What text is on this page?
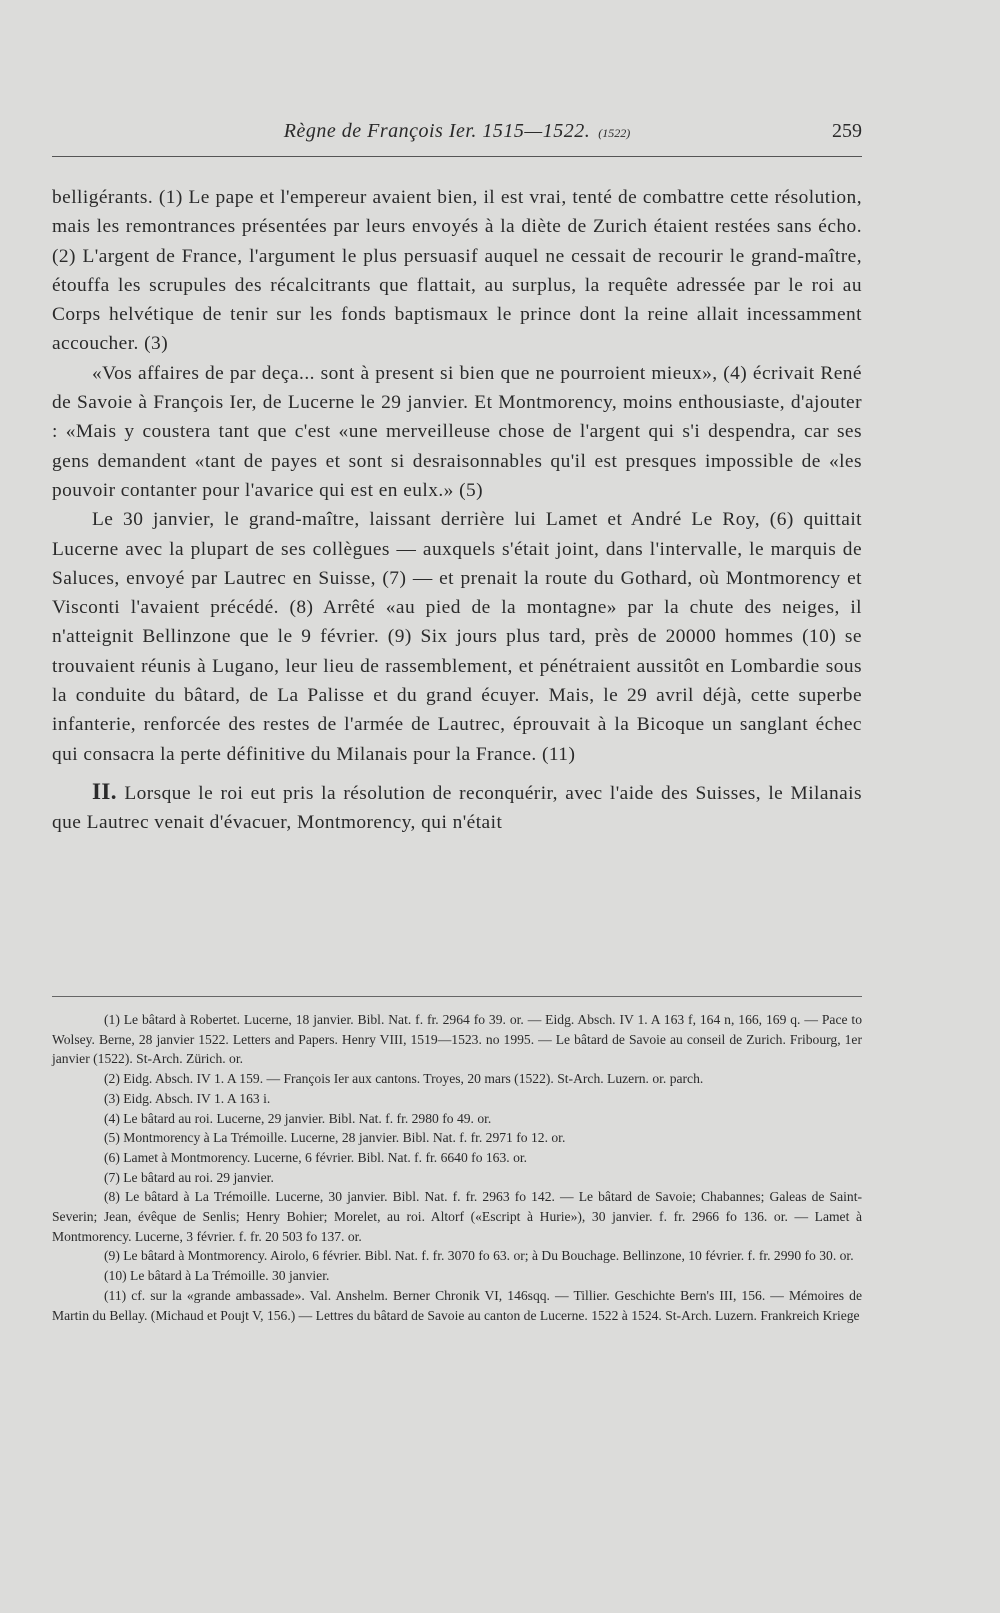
Règne de François Ier. 1515—1522. (1522)	259

belligérants. (1) Le pape et l'empereur avaient bien, il est vrai, tenté de combattre cette résolution, mais les remontrances présentées par leurs envoyés à la diète de Zurich étaient restées sans écho. (2) L'argent de France, l'argument le plus persuasif auquel ne cessait de recourir le grand-maître, étouffa les scrupules des récalcitrants que flattait, au surplus, la requête adressée par le roi au Corps helvétique de tenir sur les fonds baptismaux le prince dont la reine allait incessamment accoucher. (3)

«Vos affaires de par deça... sont à present si bien que ne pourroient mieux», (4) écrivait René de Savoie à François Ier, de Lucerne le 29 janvier. Et Montmorency, moins enthousiaste, d'ajouter : «Mais y coustera tant que c'est «une merveilleuse chose de l'argent qui s'i despendra, car ses gens demandent «tant de payes et sont si desraisonnables qu'il est presques impossible de «les pouvoir contanter pour l'avarice qui est en eulx.» (5)

Le 30 janvier, le grand-maître, laissant derrière lui Lamet et André Le Roy, (6) quittait Lucerne avec la plupart de ses collègues — auxquels s'était joint, dans l'intervalle, le marquis de Saluces, envoyé par Lautrec en Suisse, (7) — et prenait la route du Gothard, où Montmorency et Visconti l'avaient précédé. (8) Arrêté «au pied de la montagne» par la chute des neiges, il n'atteignit Bellinzone que le 9 février. (9) Six jours plus tard, près de 20000 hommes (10) se trouvaient réunis à Lugano, leur lieu de rassemblement, et pénétraient aussitôt en Lombardie sous la conduite du bâtard, de La Palisse et du grand écuyer. Mais, le 29 avril déjà, cette superbe infanterie, renforcée des restes de l'armée de Lautrec, éprouvait à la Bicoque un sanglant échec qui consacra la perte définitive du Milanais pour la France. (11)

II. Lorsque le roi eut pris la résolution de reconquérir, avec l'aide des Suisses, le Milanais que Lautrec venait d'évacuer, Montmorency, qui n'était

(1) Le bâtard à Robertet. Lucerne, 18 janvier. Bibl. Nat. f. fr. 2964 fo 39. or. — Eidg. Absch. IV 1. A 163 f, 164 n, 166, 169 q. — Pace to Wolsey. Berne, 28 janvier 1522. Letters and Papers. Henry VIII, 1519—1523. no 1995. — Le bâtard de Savoie au conseil de Zurich. Fribourg, 1er janvier (1522). St-Arch. Zürich. or.

(2) Eidg. Absch. IV 1. A 159. — François Ier aux cantons. Troyes, 20 mars (1522). St-Arch. Luzern. or. parch.

(3) Eidg. Absch. IV 1. A 163 i.

(4) Le bâtard au roi. Lucerne, 29 janvier. Bibl. Nat. f. fr. 2980 fo 49. or.

(5) Montmorency à La Trémoille. Lucerne, 28 janvier. Bibl. Nat. f. fr. 2971 fo 12. or.

(6) Lamet à Montmorency. Lucerne, 6 février. Bibl. Nat. f. fr. 6640 fo 163. or.

(7) Le bâtard au roi. 29 janvier.

(8) Le bâtard à La Trémoille. Lucerne, 30 janvier. Bibl. Nat. f. fr. 2963 fo 142. — Le bâtard de Savoie; Chabannes; Galeas de Saint-Severin; Jean, évêque de Senlis; Henry Bohier; Morelet, au roi. Altorf («Escript à Hurie»), 30 janvier. f. fr. 2966 fo 136. or. — Lamet à Montmorency. Lucerne, 3 février. f. fr. 20 503 fo 137. or.

(9) Le bâtard à Montmorency. Airolo, 6 février. Bibl. Nat. f. fr. 3070 fo 63. or; à Du Bouchage. Bellinzone, 10 février. f. fr. 2990 fo 30. or.

(10) Le bâtard à La Trémoille. 30 janvier.

(11) cf. sur la «grande ambassade». Val. Anshelm. Berner Chronik VI, 146sqq. — Tillier. Geschichte Bern's III, 156. — Mémoires de Martin du Bellay. (Michaud et Poujt V, 156.) — Lettres du bâtard de Savoie au canton de Lucerne. 1522 à 1524. St-Arch. Luzern. Frankreich Kriege
